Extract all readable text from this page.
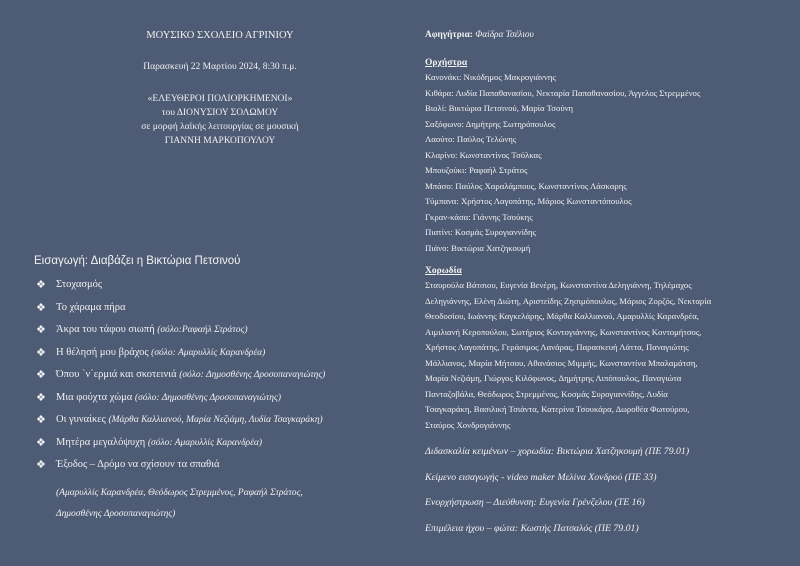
ΜΟΥΣΙΚΟ ΣΧΟΛΕΙΟ ΑΓΡΙΝΙΟΥ
Παρασκευή 22 Μαρτίου 2024, 8:30 π.μ.
«ΕΛΕΥΘΕΡΟΙ ΠΟΛΙΟΡΚΗΜΕΝΟΙ»
του ΔΙΟΝΥΣΙΟΥ ΣΟΛΩΜΟΥ
σε μορφή λαϊκής λειτουργίας σε μουσική
ΓΙΑΝΝΗ ΜΑΡΚΟΠΟΥΛΟΥ
Εισαγωγή: Διαβάζει η Βικτώρια Πετσινού
❖ Στοχασμός
❖ Το χάραμα πήρα
❖ Άκρα του τάφου σιωπή (σόλο:Ραφαήλ Στράτος)
❖ Η θέλησή μου βράχος (σόλο: Αμαρυλλίς Καρανδρέα)
❖ Όπου `ν΄ερμιά και σκοτεινιά (σόλο: Δημοσθένης Δροσοπαναγιώτης)
❖ Μια φούχτα χώμα (σόλο: Δημοσθένης Δροσοπαναγιώτης)
❖ Οι γυναίκες (Μάρθα Καλλιανού, Μαρία Νεζιάμη, Λυδία Τσαγκαράκη)
❖ Μητέρα μεγαλόψυχη (σόλο: Αμαρυλλίς Καρανδρέα)
❖ Έξοδος – Δρόμο να σχίσουν τα σπαθιά
(Αμαρυλλίς Καρανδρέα, Θεόδωρος Στρεμμένος, Ραφαήλ Στράτος,
Δημοσθένης Δροσοπαναγιώτης)
Αφηγήτρια: Φαίδρα Τσέλιου
Ορχήστρα
Κανονάκι: Νικόδημος Μακρογιάννης
Κιθάρα: Λυδία Παπαθανασίου, Νεκταρία Παπαθανασίου, Άγγελος Στρεμμένος
Βιολί: Βικτώρια Πετσινού, Μαρία Τσούνη
Σαξόφωνο: Δημήτρης Σωτηρόπουλος
Λαούτο: Παύλος Τελώνης
Κλαρίνο: Κωνσταντίνος Τσόλκας
Μπουζούκι: Ραφαήλ Στράτος
Μπάσο: Παύλος Χαραλάμπους, Κωνσταντίνος Λάσκαρης
Τύμπανα: Χρήστος Λαγοπάτης, Μάριος Κωνσταντόπουλος
Γκραν-κάσα: Γιάννης Τσούκης
Πιατίνι: Κοσμάς Συρογιαννίδης
Πιάνο: Βικτώρια Χατζηκουμή
Χορωδία
Σταυρούλα Βάτσιου, Ευγενία Βενέρη, Κωνσταντίνα Δεληγιάννη, Τηλέμαχος
Δεληγιάννης, Ελένη Διώτη, Αριστείδης Ζησιμόπουλος, Μάριος Ζορζός, Νεκταρία
Θεοδοσίου, Ιωάννης Καγκελάρης, Μάρθα Καλλιανού, Αμαρυλλίς Καρανδρέα,
Αιμιλιανή Κεροπούλου, Σωτήριος Κοντογιάννης, Κωνσταντίνος Κοντομήτσος,
Χρήστος Λαγοπάτης, Γεράσιμος Λανάρας, Παρασκευή Λάττα, Παναγιώτης
Μάλλιανος, Μαρία Μήτσου, Αθανάσιος Μιμμής, Κωνσταντίνα Μπαλαμάτση,
Μαρία Νεζιάμη, Γιώργος Κιλόφωνος, Δημήτρης Λιπόπουλος, Παναγιώτα
Πανταζοβάλα, Θεόδωρος Στρεμμένος, Κοσμάς Συρογιαννίδης, Λυδία
Τσαγκαράκη, Βασιλική Τσιάντα, Κατερίνα Τσουκάρα, Δωροθέα Φωτούρου,
Σταύρος Χονδρογιάννης
Διδασκαλία κειμένων – χορωδία: Βικτώρια Χατζηκουμή (ΠΕ 79.01)
Κείμενο εισαγωγής - video maker Μελίνα Χονδρού (ΠΕ 33)
Ενορχήστρωση – Διεύθυνση: Ευγενία Γρένζελου (ΤΕ 16)
Επιμέλεια ήχου – φώτα: Κωστής Πατσαλός (ΠΕ 79.01)
